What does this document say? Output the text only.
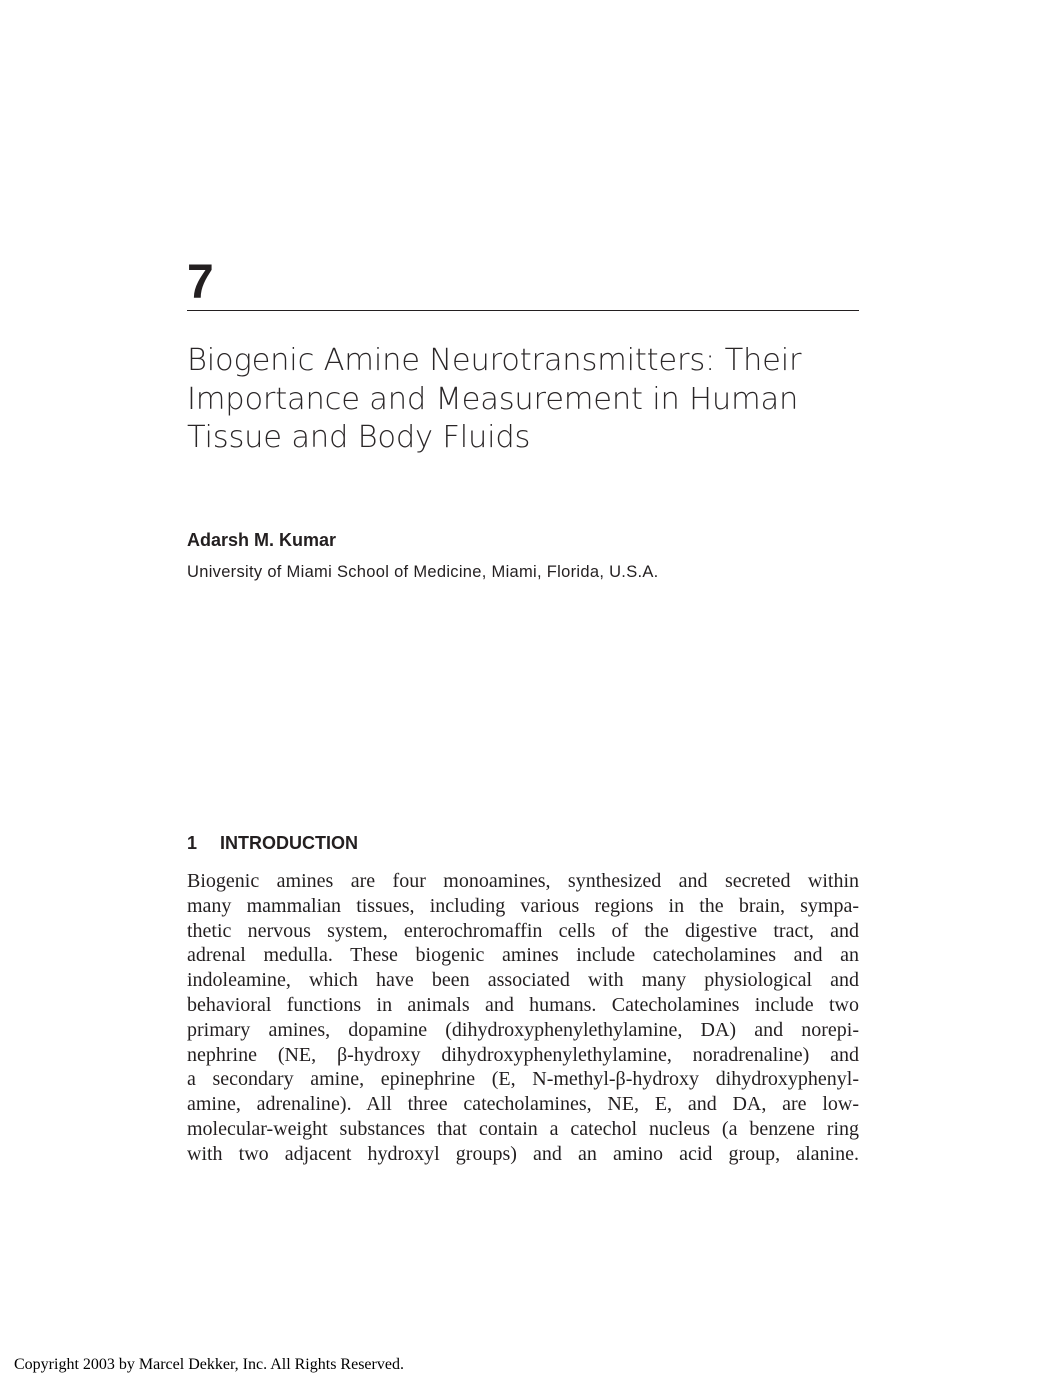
7
Biogenic Amine Neurotransmitters: Their
Importance and Measurement in Human
Tissue and Body Fluids
Adarsh M. Kumar
University of Miami School of Medicine, Miami, Florida, U.S.A.
1 INTRODUCTION
Biogenic amines are four monoamines, synthesized and secreted within
many mammalian tissues, including various regions in the brain, sympa-
thetic nervous system, enterochromaffin cells of the digestive tract, and
adrenal medulla. These biogenic amines include catecholamines and an
indoleamine, which have been associated with many physiological and
behavioral functions in animals and humans. Catecholamines include two
primary amines, dopamine (dihydroxyphenylethylamine, DA) and norepi-
nephrine (NE, β-hydroxy dihydroxyphenylethylamine, noradrenaline) and
a secondary amine, epinephrine (E, N-methyl-β-hydroxy dihydroxyphenyl-
amine, adrenaline). All three catecholamines, NE, E, and DA, are low-
molecular-weight substances that contain a catechol nucleus (a benzene ring
with two adjacent hydroxyl groups) and an amino acid group, alanine.
Copyright 2003 by Marcel Dekker, Inc. All Rights Reserved.
